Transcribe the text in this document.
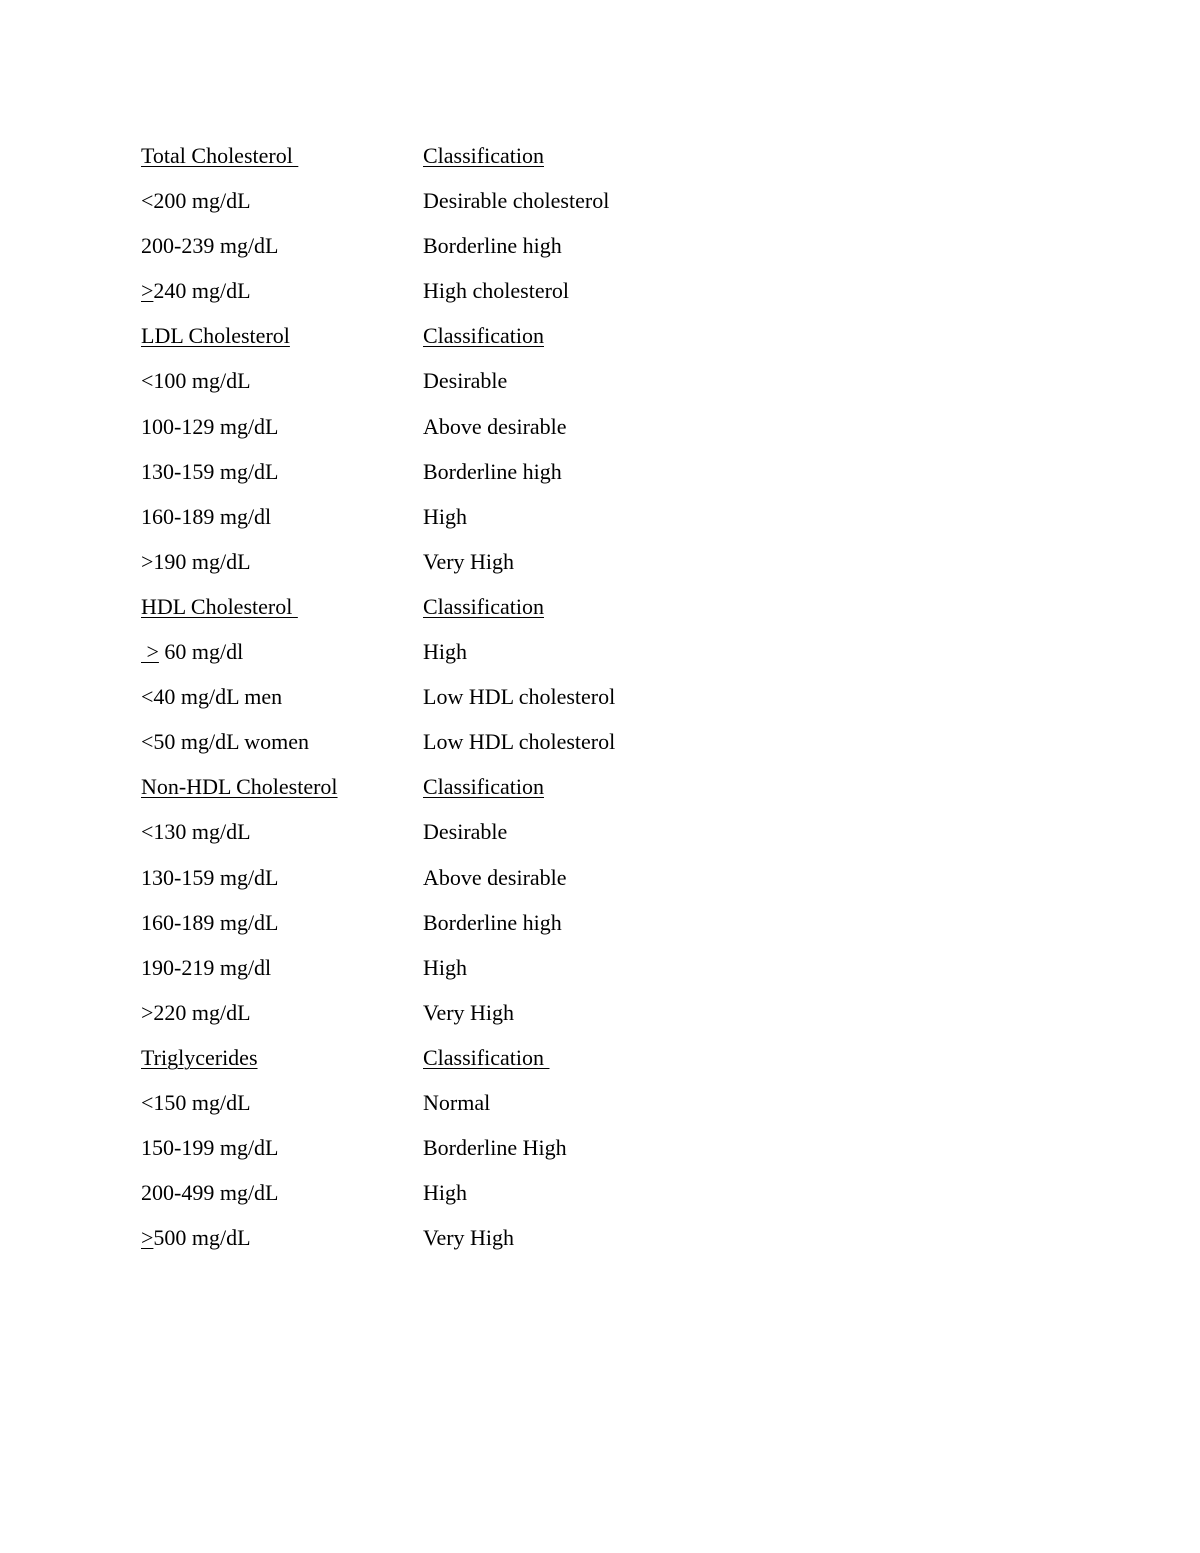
Total Cholesterol	Classification
<200 mg/dL	Desirable cholesterol
200-239 mg/dL	Borderline high
≥240 mg/dL	High cholesterol
LDL Cholesterol	Classification
<100 mg/dL	Desirable
100-129 mg/dL	Above desirable
130-159 mg/dL	Borderline high
160-189 mg/dl	High
>190 mg/dL	Very High
HDL Cholesterol	Classification
> 60 mg/dl	High
<40 mg/dL men	Low HDL cholesterol
<50 mg/dL women	Low HDL cholesterol
Non-HDL Cholesterol	Classification
<130 mg/dL	Desirable
130-159 mg/dL	Above desirable
160-189 mg/dL	Borderline high
190-219 mg/dl	High
>220 mg/dL	Very High
Triglycerides	Classification
<150 mg/dL	Normal
150-199 mg/dL	Borderline High
200-499 mg/dL	High
≥500 mg/dL	Very High
